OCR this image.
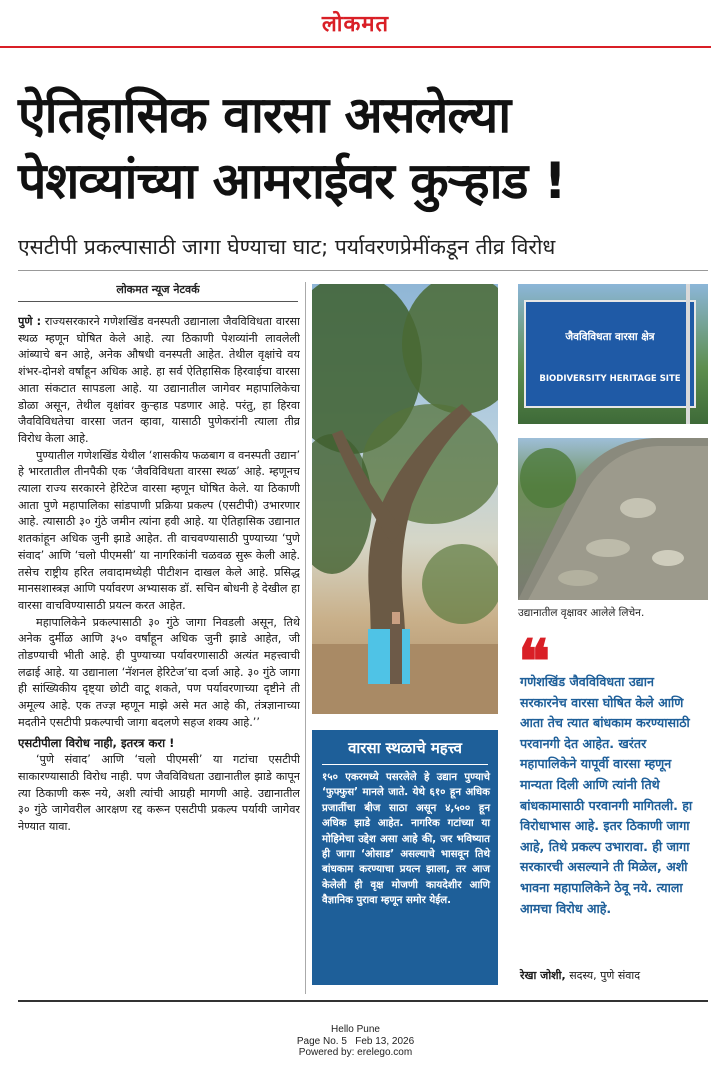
लोकमत
ऐतिहासिक वारसा असलेल्या पेशव्यांच्या आमराईवर कुऱ्हाड !
एसटीपी प्रकल्पासाठी जागा घेण्याचा घाट; पर्यावरणप्रेमींकडून तीव्र विरोध
लोकमत न्यूज नेटवर्क

पुणे : राज्यसरकारने गणेशखिंड वनस्पती उद्यानाला जैवविविधता वारसा स्थळ म्हणून घोषित केले आहे. त्या ठिकाणी पेशव्यांनी लावलेली आंब्याचे बन आहे, अनेक औषधी वनस्पती आहेत. तेथील वृक्षांचे वय शंभर-दोनशे वर्षांहून अधिक आहे. हा सर्व ऐतिहासिक हिरवाईचा वारसा आता संकटात सापडला आहे. या उद्यानातील जागेवर महापालिकेचा डोळा असून, तेथील वृक्षांवर कुऱ्हाड पडणार आहे. परंतु, हा हिरवा जैवविविधतेचा वारसा जतन व्हावा, यासाठी पुणेकरांनी त्याला तीव्र विरोध केला आहे.

पुण्यातील गणेशखिंड येथील ‘शासकीय फळबाग व वनस्पती उद्यान’ हे भारतातील तीनपैकी एक ‘जैवविविधता वारसा स्थळ’ आहे. म्हणूनच त्याला राज्य सरकारने हेरिटेज वारसा म्हणून घोषित केले. या ठिकाणी आता पुणे महापालिका सांडपाणी प्रक्रिया प्रकल्प (एसटीपी) उभारणार आहे. त्यासाठी ३० गुंठे जमीन त्यांना हवी आहे. या ऐतिहासिक उद्यानात शतकांहून अधिक जुनी झाडे आहेत. ती वाचवण्यासाठी पुण्याच्या ‘पुणे संवाद’ आणि ‘चलो पीएमसी’ या नागरिकांनी चळवळ सुरू केली आहे. तसेच राष्ट्रीय हरित लवादामध्येही पीटीशन दाखल केले आहे. प्रसिद्ध मानसशास्त्रज्ञ आणि पर्यावरण अभ्यासक डॉ. सचिन बोधनी हे देखील हा वारसा वाचविण्यासाठी प्रयत्न करत आहेत.

महापालिकेने प्रकल्पासाठी ३० गुंठे जागा निवडली असून, तिथे अनेक दुर्मीळ आणि ३५० वर्षांहून अधिक जुनी झाडे आहेत, जी तोडण्याची भीती आहे. ही पुण्याच्या पर्यावरणासाठी अत्यंत महत्त्वाची लढाई आहे. या उद्यानाला ‘नॅशनल हेरिटेज’चा दर्जा आहे. ३० गुंठे जागा ही सांख्यिकीय दृष्ट्या छोटी वाटू शकते, पण पर्यावरणाच्या दृष्टीने ती अमूल्य आहे. एक तज्ज्ञ म्हणून माझे असे मत आहे की, तंत्रज्ञानाच्या मदतीने एसटीपी प्रकल्पाची जागा बदलणे सहज शक्य आहे.’’

एसटीपीला विरोध नाही, इतरत्र करा !

‘पुणे संवाद’ आणि ‘चलो पीएमसी’ या गटांचा एसटीपी साकारण्यासाठी विरोध नाही. पण जैवविविधता उद्यानातील झाडे कापून त्या ठिकाणी करू नये, अशी त्यांची आग्रही मागणी आहे. उद्यानातील ३० गुंठे जागेवरील आरक्षण रद्द करून एसटीपी प्रकल्प पर्यायी जागेवर नेण्यात यावा.

जैवविविधता वारसा क्षेत्र
BIODIVERSITY HERITAGE SITE
उद्यानातील वृक्षावर आलेले लिचेन.
वारसा स्थळाचे महत्त्व
१५० एकरमध्ये पसरलेले हे उद्यान पुण्याचे ‘फुफ्फुस’ मानले जाते. येथे ६१० हून अधिक प्रजातींचा बीज साठा असून ४,५०० हून अधिक झाडे आहेत. नागरिक गटांच्या या मोहिमेचा उद्देश असा आहे की, जर भविष्यात ही जागा ‘ओसाड’ असल्याचे भासवून तिथे बांधकाम करण्याचा प्रयत्न झाला, तर आज केलेली ही वृक्ष मोजणी कायदेशीर आणि वैज्ञानिक पुरावा म्हणून समोर येईल.
❝
गणेशखिंड जैवविविधता उद्यान सरकारनेच वारसा घोषित केले आणि आता तेच त्यात बांधकाम करण्यासाठी परवानगी देत आहेत. खरंतर महापालिकेने यापूर्वी वारसा म्हणून मान्यता दिली आणि त्यांनी तिथे बांधकामासाठी परवानगी मागितली. हा विरोधाभास आहे. इतर ठिकाणी जागा आहे, तिथे प्रकल्प उभारावा. ही जागा सरकारची असल्याने ती मिळेल, अशी भावना महापालिकेने ठेवू नये. त्याला आमचा विरोध आहे.
रेखा जोशी, सदस्य, पुणे संवाद
Hello Pune
Page No. 5   Feb 13, 2026
Powered by: erelego.com
